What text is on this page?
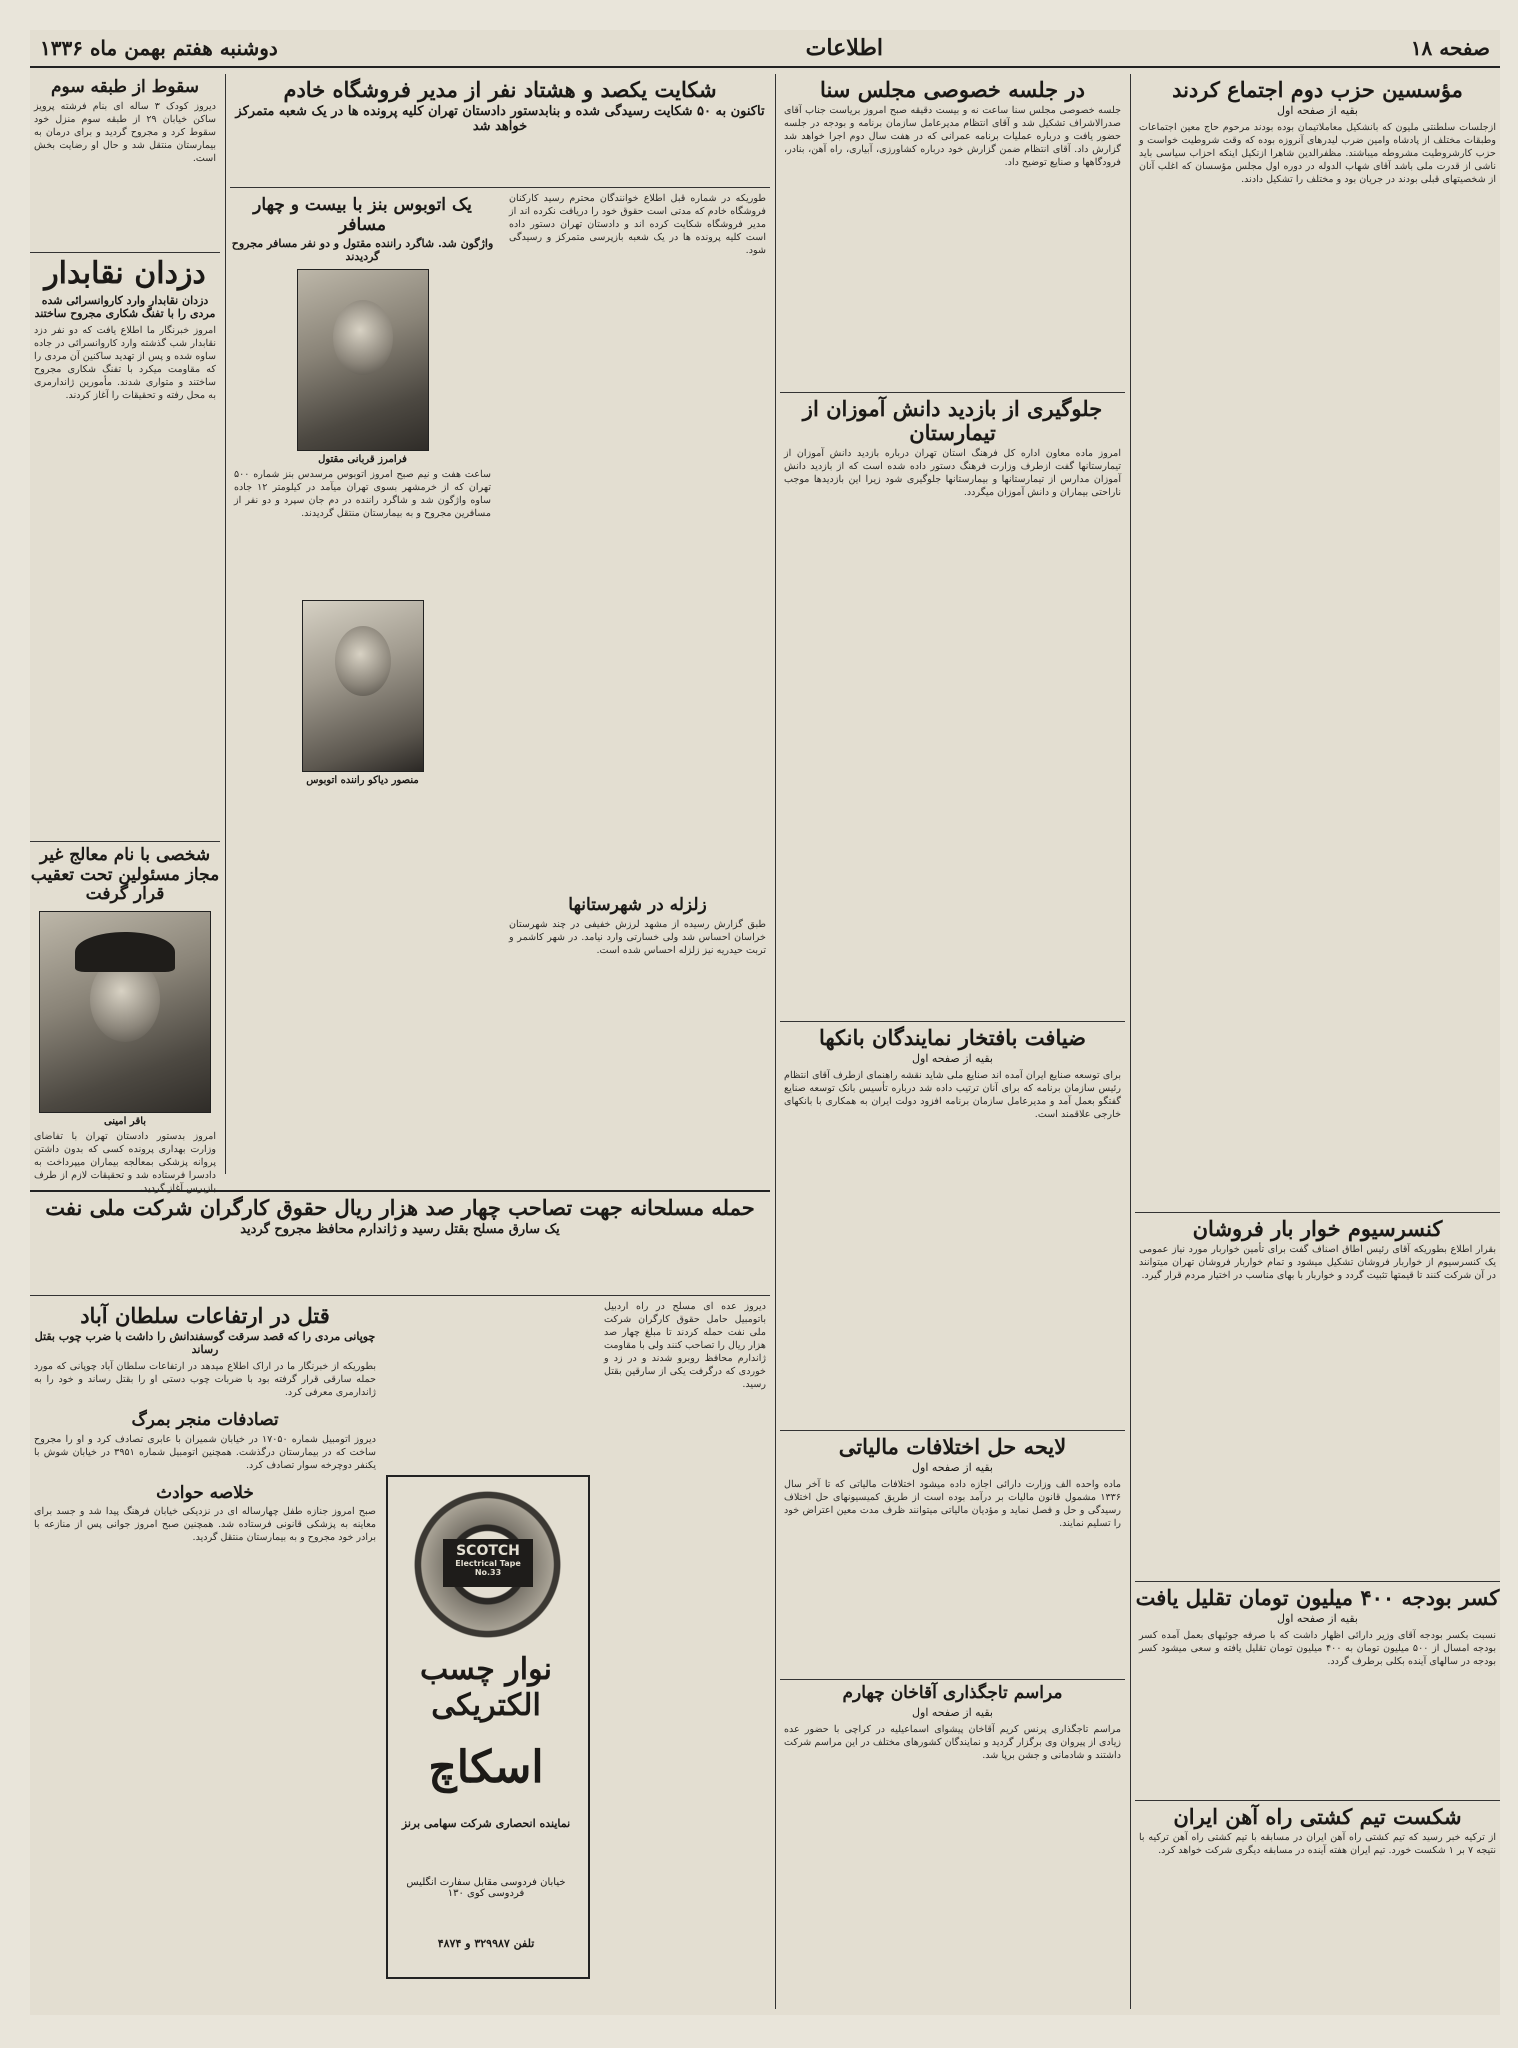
صفحه ۱۸
اطلاعات
دوشنبه هفتم بهمن ماه ۱۳۳۶
مؤسسین حزب دوم اجتماع کردند
بقیه از صفحه اول
ازجلسات سلطنتی ملیون که بانشکیل معاملاتیمان بوده بودند مرحوم حاج معین اجتماعات وطبقات مختلف از پادشاه وامین ضرب لیدرهای آنروزه بوده که وقت شروطیت خواست و حزب کارشروطیت مشروطه میباشند. مظفرالدین شاهرا ازنکیل اینکه احزاب سیاسی باید ناشی از قدرت ملی باشد آقای شهاب الدوله در دوره اول مجلس مؤسسان که اغلب آنان از شخصیتهای قبلی بودند در جریان بود و مختلف را تشکیل دادند.
کنسرسیوم خوار بار فروشان
بقرار اطلاع بطوریکه آقای رئیس اطاق اصناف گفت برای تأمین خواربار مورد نیاز عمومی یک کنسرسیوم از خواربار فروشان تشکیل میشود و تمام خواربار فروشان تهران میتوانند در آن شرکت کنند تا قیمتها تثبیت گردد و خواربار با بهای مناسب در اختیار مردم قرار گیرد.
کسر بودجه ۴۰۰ میلیون تومان تقلیل یافت
بقیه از صفحه اول
نسبت بکسر بودجه آقای وزیر دارائی اظهار داشت که با صرفه جوئیهای بعمل آمده کسر بودجه امسال از ۵۰۰ میلیون تومان به ۴۰۰ میلیون تومان تقلیل یافته و سعی میشود کسر بودجه در سالهای آینده بکلی برطرف گردد.
شکست تیم کشتی راه آهن ایران
از ترکیه خبر رسید که تیم کشتی راه آهن ایران در مسابقه با تیم کشتی راه آهن ترکیه با نتیجه ۷ بر ۱ شکست خورد. تیم ایران هفته آینده در مسابقه دیگری شرکت خواهد کرد.
در جلسه خصوصی مجلس سنا
جلسه خصوصی مجلس سنا ساعت نه و بیست دقیقه صبح امروز بریاست جناب آقای صدرالاشراف تشکیل شد و آقای انتظام مدیرعامل سازمان برنامه و بودجه در جلسه حضور یافت و درباره عملیات برنامه عمرانی که در هفت سال دوم اجرا خواهد شد گزارش داد. آقای انتظام ضمن گزارش خود درباره کشاورزی، آبیاری، راه آهن، بنادر، فرودگاهها و صنایع توضیح داد.
جلوگیری از بازدید دانش آموزان از تیمارستان
امروز ماده معاون اداره کل فرهنگ استان تهران درباره بازدید دانش آموزان از تیمارستانها گفت ازطرف وزارت فرهنگ دستور داده شده است که از بازدید دانش آموزان مدارس از تیمارستانها و بیمارستانها جلوگیری شود زیرا این بازدیدها موجب ناراحتی بیماران و دانش آموزان میگردد.
ضیافت بافتخار نمایندگان بانکها
بقیه از صفحه اول
برای توسعه صنایع ایران آمده اند صنایع ملی شاید نقشه راهنمای ازطرف آقای انتظام رئیس سازمان برنامه که برای آنان ترتیب داده شد درباره تأسیس بانک توسعه صنایع گفتگو بعمل آمد و مدیرعامل سازمان برنامه افزود دولت ایران به همکاری با بانکهای خارجی علاقمند است.
لایحه حل اختلافات مالیاتی
بقیه از صفحه اول
ماده واحده الف وزارت دارائی اجازه داده میشود اختلافات مالیاتی که تا آخر سال ۱۳۳۶ مشمول قانون مالیات بر درآمد بوده است از طریق کمیسیونهای حل اختلاف رسیدگی و حل و فصل نماید و مؤدیان مالیاتی میتوانند ظرف مدت معین اعتراض خود را تسلیم نمایند.
مراسم تاجگذاری آقاخان چهارم
بقیه از صفحه اول
مراسم تاجگذاری پرنس کریم آقاخان پیشوای اسماعیلیه در کراچی با حضور عده زیادی از پیروان وی برگزار گردید و نمایندگان کشورهای مختلف در این مراسم شرکت داشتند و شادمانی و جشن برپا شد.
شکایت یکصد و هشتاد نفر از مدیر فروشگاه خادم
تاکنون به ۵۰ شکایت رسیدگی شده و بنابدستور دادستان تهران کلیه پرونده ها در یک شعبه متمرکز خواهد شد
طوریکه در شماره قبل اطلاع خوانندگان محترم رسید کارکنان فروشگاه خادم که مدتی است حقوق خود را دریافت نکرده اند از مدیر فروشگاه شکایت کرده اند و دادستان تهران دستور داده است کلیه پرونده ها در یک شعبه بازپرسی متمرکز و رسیدگی شود.
یک اتوبوس بنز با بیست و چهار مسافر
واژگون شد. شاگرد راننده مقتول و دو نفر مسافر مجروح گردیدند
فرامرز قربانی مقتول
ساعت هفت و نیم صبح امروز اتوبوس مرسدس بنز شماره ۵۰۰ تهران که از خرمشهر بسوی تهران میآمد در کیلومتر ۱۲ جاده ساوه واژگون شد و شاگرد راننده در دم جان سپرد و دو نفر از مسافرین مجروح و به بیمارستان منتقل گردیدند.
منصور دیاکو راننده اتوبوس
زلزله در شهرستانها
طبق گزارش رسیده از مشهد لرزش خفیفی در چند شهرستان خراسان احساس شد ولی خسارتی وارد نیامد. در شهر کاشمر و تربت حیدریه نیز زلزله احساس شده است.
سقوط از طبقه سوم
دیروز کودک ۳ ساله ای بنام فرشته پرویز ساکن خیابان ۲۹ از طبقه سوم منزل خود سقوط کرد و مجروح گردید و برای درمان به بیمارستان منتقل شد و حال او رضایت بخش است.
دزدان نقابدار
دزدان نقابدار وارد کاروانسرائی شده مردی را با تفنگ شکاری مجروح ساختند
امروز خبرنگار ما اطلاع یافت که دو نفر دزد نقابدار شب گذشته وارد کاروانسرائی در جاده ساوه شده و پس از تهدید ساکنین آن مردی را که مقاومت میکرد با تفنگ شکاری مجروح ساختند و متواری شدند. مأمورین ژاندارمری به محل رفته و تحقیقات را آغاز کردند.
شخصی با نام معالج غیر مجاز مسئولین تحت تعقیب قرار گرفت
باقر امینی
امروز بدستور دادستان تهران با تفاضای وزارت بهداری پرونده کسی که بدون داشتن پروانه پزشکی بمعالجه بیماران میپرداخت به دادسرا فرستاده شد و تحقیقات لازم از طرف بازپرس آغاز گردید.
حمله مسلحانه جهت تصاحب چهار صد هزار ریال حقوق کارگران شرکت ملی نفت
یک سارق مسلح بقتل رسید و ژاندارم محافظ مجروح گردید
دیروز عده ای مسلح در راه اردبیل باتومبیل حامل حقوق کارگران شرکت ملی نفت حمله کردند تا مبلغ چهار صد هزار ریال را تصاحب کنند ولی با مقاومت ژاندارم محافظ روبرو شدند و در زد و خوردی که درگرفت یکی از سارقین بقتل رسید.
SCOTCH
Electrical Tape
No.33
نوار چسب الکتریکی
اسکاچ
نماینده انحصاری شرکت سهامی برنز
خیابان فردوسی مقابل سفارت انگلیس فردوسی کوی ۱۳۰
تلفن ۳۲۹۹۸۷ و ۴۸۷۴
قتل در ارتفاعات سلطان آباد
چوپانی مردی را که قصد سرقت گوسفندانش را داشت با ضرب چوب بقتل رساند
بطوریکه از خبرنگار ما در اراک اطلاع میدهد در ارتفاعات سلطان آباد چوپانی که مورد حمله سارقی قرار گرفته بود با ضربات چوب دستی او را بقتل رساند و خود را به ژاندارمری معرفی کرد.
تصادفات منجر بمرگ
دیروز اتومبیل شماره ۱۷۰۵۰ در خیابان شمیران با عابری تصادف کرد و او را مجروح ساخت که در بیمارستان درگذشت. همچنین اتومبیل شماره ۳۹۵۱ در خیابان شوش با یکنفر دوچرخه سوار تصادف کرد.
خلاصه حوادث
صبح امروز جنازه طفل چهارساله ای در نزدیکی خیابان فرهنگ پیدا شد و جسد برای معاینه به پزشکی قانونی فرستاده شد. همچنین صبح امروز جوانی پس از منازعه با برادر خود مجروح و به بیمارستان منتقل گردید.
